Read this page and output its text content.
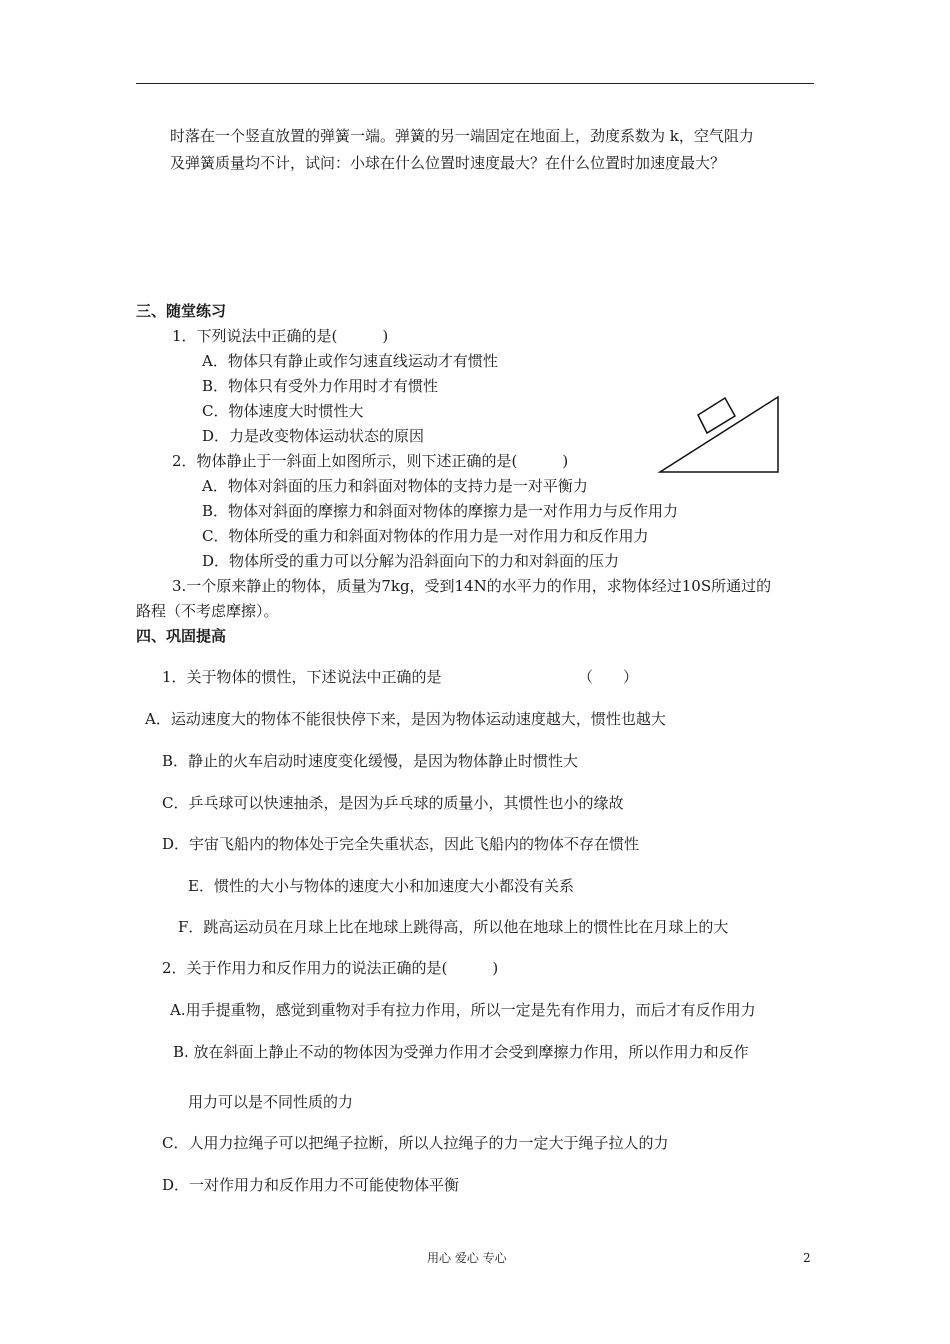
时落在一个竖直放置的弹簧一端。弹簧的另一端固定在地面上，劲度系数为 k，空气阻力
及弹簧质量均不计，试问：小球在什么位置时速度最大？在什么位置时加速度最大？
三、随堂练习
1．下列说法中正确的是(　　　)
A．物体只有静止或作匀速直线运动才有惯性
B．物体只有受外力作用时才有惯性
C．物体速度大时惯性大
D．力是改变物体运动状态的原因
2．物体静止于一斜面上如图所示，则下述正确的是(　　　)
A．物体对斜面的压力和斜面对物体的支持力是一对平衡力
B．物体对斜面的摩擦力和斜面对物体的摩擦力是一对作用力与反作用力
C．物体所受的重力和斜面对物体的作用力是一对作用力和反作用力
D．物体所受的重力可以分解为沿斜面向下的力和对斜面的压力
3.一个原来静止的物体，质量为7kg，受到14N的水平力的作用，求物体经过10S所通过的
路程（不考虑摩擦）。
四、巩固提高
1．关于物体的惯性，下述说法中正确的是	（　　）
A．运动速度大的物体不能很快停下来，是因为物体运动速度越大，惯性也越大
B．静止的火车启动时速度变化缓慢，是因为物体静止时惯性大
C．乒乓球可以快速抽杀，是因为乒乓球的质量小，其惯性也小的缘故
D．宇宙飞船内的物体处于完全失重状态，因此飞船内的物体不存在惯性
E．惯性的大小与物体的速度大小和加速度大小都没有关系
F．跳高运动员在月球上比在地球上跳得高，所以他在地球上的惯性比在月球上的大
2．关于作用力和反作用力的说法正确的是(　　　)
A.用手提重物，感觉到重物对手有拉力作用，所以一定是先有作用力，而后才有反作用力
B. 放在斜面上静止不动的物体因为受弹力作用才会受到摩擦力作用，所以作用力和反作
用力可以是不同性质的力
C．人用力拉绳子可以把绳子拉断，所以人拉绳子的力一定大于绳子拉人的力
D．一对作用力和反作用力不可能使物体平衡
用心 爱心 专心	2
